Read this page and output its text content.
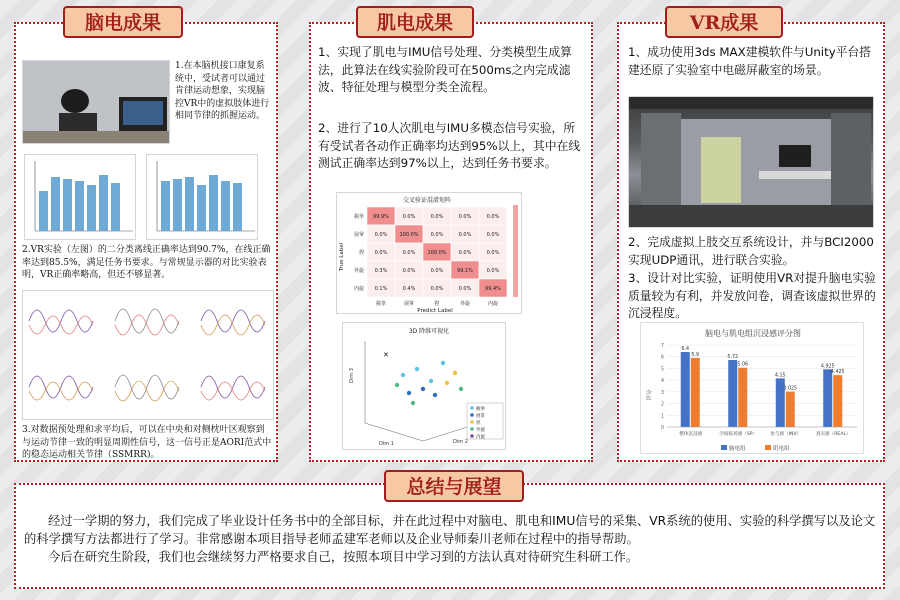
脑电成果
1.在本脑机接口康复系统中，受试者可以通过肯律运动想象，实现脑控VR中的虚拟肢体进行相同节律的抓握运动。
2.VR实验（左图）的二分类离线正确率达到90.7%，在线正确率达到85.5%，满足任务书要求。与常规显示器的对比实验表明，VR正确率略高，但还不够显著。
3.对数据预处理和求平均后，可以在中央和对侧枕叶区观察到与运动节律一致的明显周期性信号，这一信号正是AORI范式中的稳态运动相关节律（SSMRR)。
肌电成果
1、实现了肌电与IMU信号处理、分类模型生成算法，此算法在线实验阶段可在500ms之内完成滤波、特征处理与模型分类全流程。
2、进行了10人次肌电与IMU多模态信号实验，所有受试者各动作正确率均达到95%以上，其中在线测试正确率达到97%以上，达到任务书要求。
交叉验证混淆矩阵
握拳
握拳
展掌
展掌
捏
捏
外旋
外旋
内旋
内旋
99.9%	0.0%	0.0%	0.0%	0.0%
0.0% 100.0% 0.0%	0.0%	0.0%
0.0%	0.0% 100.0% 0.0%	0.0%
0.3%	0.0%	0.0%	99.1%	0.0%
0.1%	0.4%	0.0%	0.0%	99.4%
Predict Label
True Label
3D 降维可视化
Dim 3
Dim 1	Dim 2
✕
握拳
展掌
捏
外旋
内旋
VR成果
1、成功使用3ds MAX建模软件与Unity平台搭建还原了实验室中电磁屏蔽室的场景。
2、完成虚拟上肢交互系统设计，并与BCI2000实现UDP通讯，进行联合实验。
3、设计对比实验，证明使用VR对提升脑电实验质量较为有利，并发放问卷，调查该虚拟世界的沉浸程度。
脑电与肌电组沉浸感评分图
评分
0
1
2
3
4
5
6
7
6.4
5.9
整体沉浸感
5.72
5.06
空间临场感（SP）
4.15
3.025
参与感（INV）
4.925
4.425
真实感（REAL）
脑电组	肌电组
总结与展望
经过一学期的努力，我们完成了毕业设计任务书中的全部目标，并在此过程中对脑电、肌电和IMU信号的采集、VR系统的使用、实验的科学撰写以及论文的科学撰写方法都进行了学习。非常感谢本项目指导老师孟建军老师以及企业导师秦川老师在过程中的指导帮助。
今后在研究生阶段，我们也会继续努力严格要求自己，按照本项目中学习到的方法认真对待研究生科研工作。
